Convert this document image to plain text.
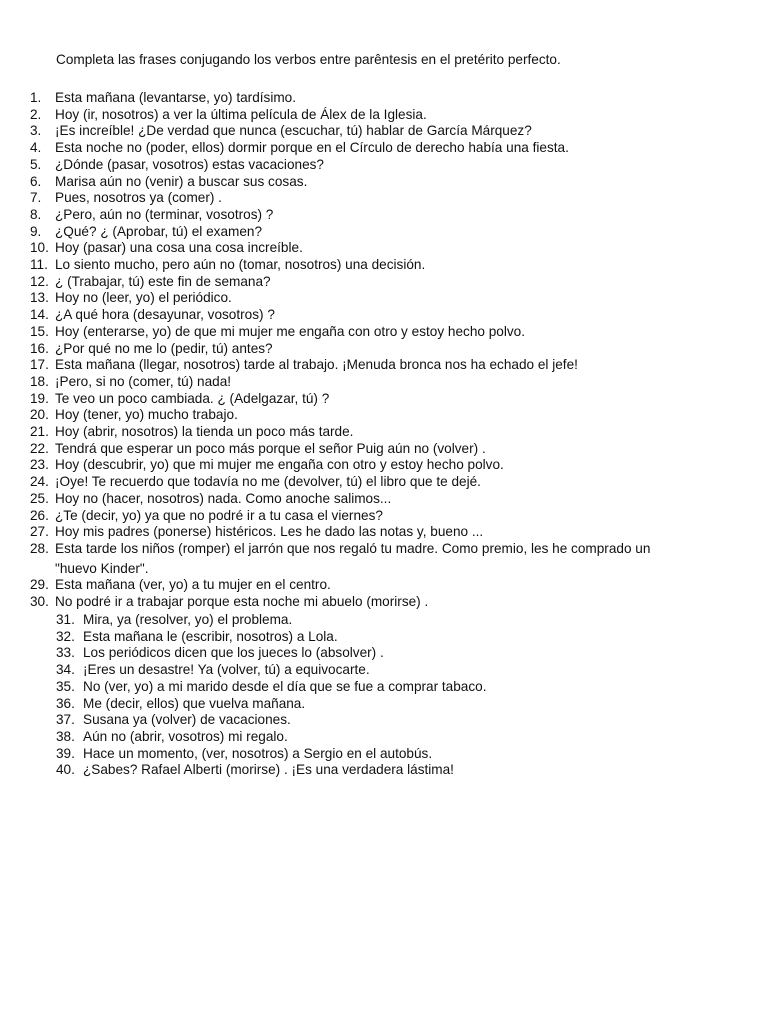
Completa las frases conjugando los verbos entre parêntesis en el pretérito perfecto.
1.	Esta mañana (levantarse, yo) tardísimo.
2.	Hoy (ir, nosotros) a ver la última película de Álex de la Iglesia.
3.	¡Es increíble! ¿De verdad que nunca (escuchar, tú) hablar de García Márquez?
4.	Esta noche no (poder, ellos) dormir porque en el Círculo de derecho había una fiesta.
5.	¿Dónde (pasar, vosotros) estas vacaciones?
6.	Marisa aún no (venir) a buscar sus cosas.
7.	Pues, nosotros ya (comer) .
8.	¿Pero, aún no (terminar, vosotros) ?
9.	¿Qué? ¿ (Aprobar, tú) el examen?
10. Hoy (pasar) una cosa una cosa increíble.
11. Lo siento mucho, pero aún no (tomar, nosotros) una decisión.
12. ¿ (Trabajar, tú) este fin de semana?
13. Hoy no (leer, yo) el periódico.
14. ¿A qué hora (desayunar, vosotros) ?
15. Hoy (enterarse, yo) de que mi mujer me engaña con otro y estoy hecho polvo.
16. ¿Por qué no me lo (pedir, tú) antes?
17. Esta mañana (llegar, nosotros) tarde al trabajo. ¡Menuda bronca nos ha echado el jefe!
18. ¡Pero, si no (comer, tú) nada!
19. Te veo un poco cambiada. ¿ (Adelgazar, tú) ?
20. Hoy (tener, yo) mucho trabajo.
21. Hoy (abrir, nosotros) la tienda un poco más tarde.
22. Tendrá que esperar un poco más porque el señor Puig aún no (volver) .
23. Hoy (descubrir, yo) que mi mujer me engaña con otro y estoy hecho polvo.
24. ¡Oye! Te recuerdo que todavía no me (devolver, tú) el libro que te dejé.
25. Hoy no (hacer, nosotros) nada. Como anoche salimos...
26. ¿Te (decir, yo) ya que no podré ir a tu casa el viernes?
27. Hoy mis padres (ponerse) histéricos. Les he dado las notas y, bueno ...
28. Esta tarde los niños (romper) el jarrón que nos regaló tu madre. Como premio, les he comprado un
"huevo Kinder".
29. Esta mañana (ver, yo) a tu mujer en el centro.
30. No podré ir a trabajar porque esta noche mi abuelo (morirse) .
31. Mira, ya (resolver, yo) el problema.
32. Esta mañana le (escribir, nosotros) a Lola.
33. Los periódicos dicen que los jueces lo (absolver) .
34. ¡Eres un desastre! Ya (volver, tú) a equivocarte.
35. No (ver, yo) a mi marido desde el día que se fue a comprar tabaco.
36. Me (decir, ellos) que vuelva mañana.
37. Susana ya (volver) de vacaciones.
38. Aún no (abrir, vosotros) mi regalo.
39. Hace un momento, (ver, nosotros) a Sergio en el autobús.
40. ¿Sabes? Rafael Alberti (morirse) . ¡Es una verdadera lástima!
